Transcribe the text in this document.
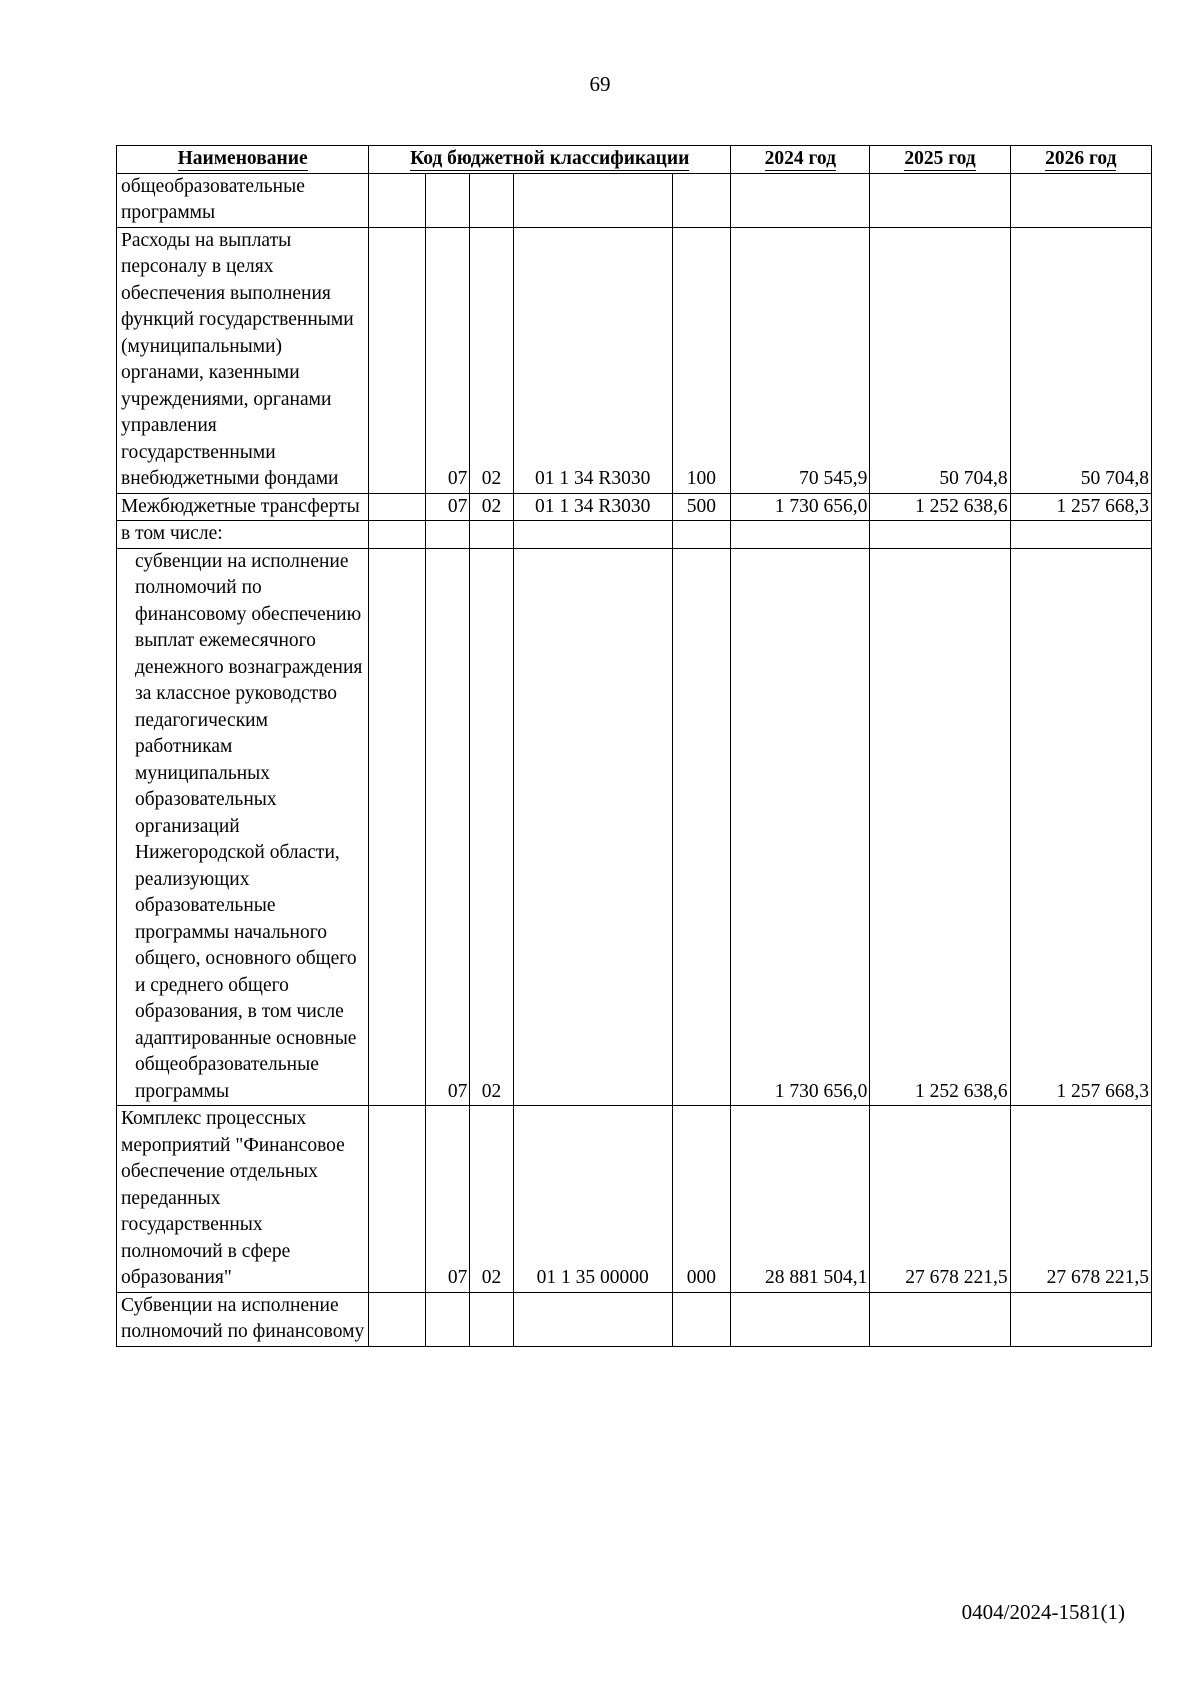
69
Наименование	Код бюджетной классификации					2024 год	2025 год	2026 год
общеобразовательные программы								
Расходы на выплаты персоналу в целях обеспечения выполнения функций государственными (муниципальными) органами, казенными учреждениями, органами управления государственными внебюджетными фондами		07	02	01 1 34 R3030	100	70 545,9	50 704,8	50 704,8
Межбюджетные трансферты		07	02	01 1 34 R3030	500	1 730 656,0	1 252 638,6	1 257 668,3
в том числе:								
субвенции на исполнение полномочий по финансовому обеспечению выплат ежемесячного денежного вознаграждения за классное руководство педагогическим работникам муниципальных образовательных организаций Нижегородской области, реализующих образовательные программы начального общего, основного общего и среднего общего образования, в том числе адаптированные основные общеобразовательные программы		07	02			1 730 656,0	1 252 638,6	1 257 668,3
Комплекс процессных мероприятий "Финансовое обеспечение отдельных переданных государственных полномочий в сфере образования"		07	02	01 1 35 00000	000	28 881 504,1	27 678 221,5	27 678 221,5
Субвенции на исполнение полномочий по финансовому								
0404/2024-1581(1)
